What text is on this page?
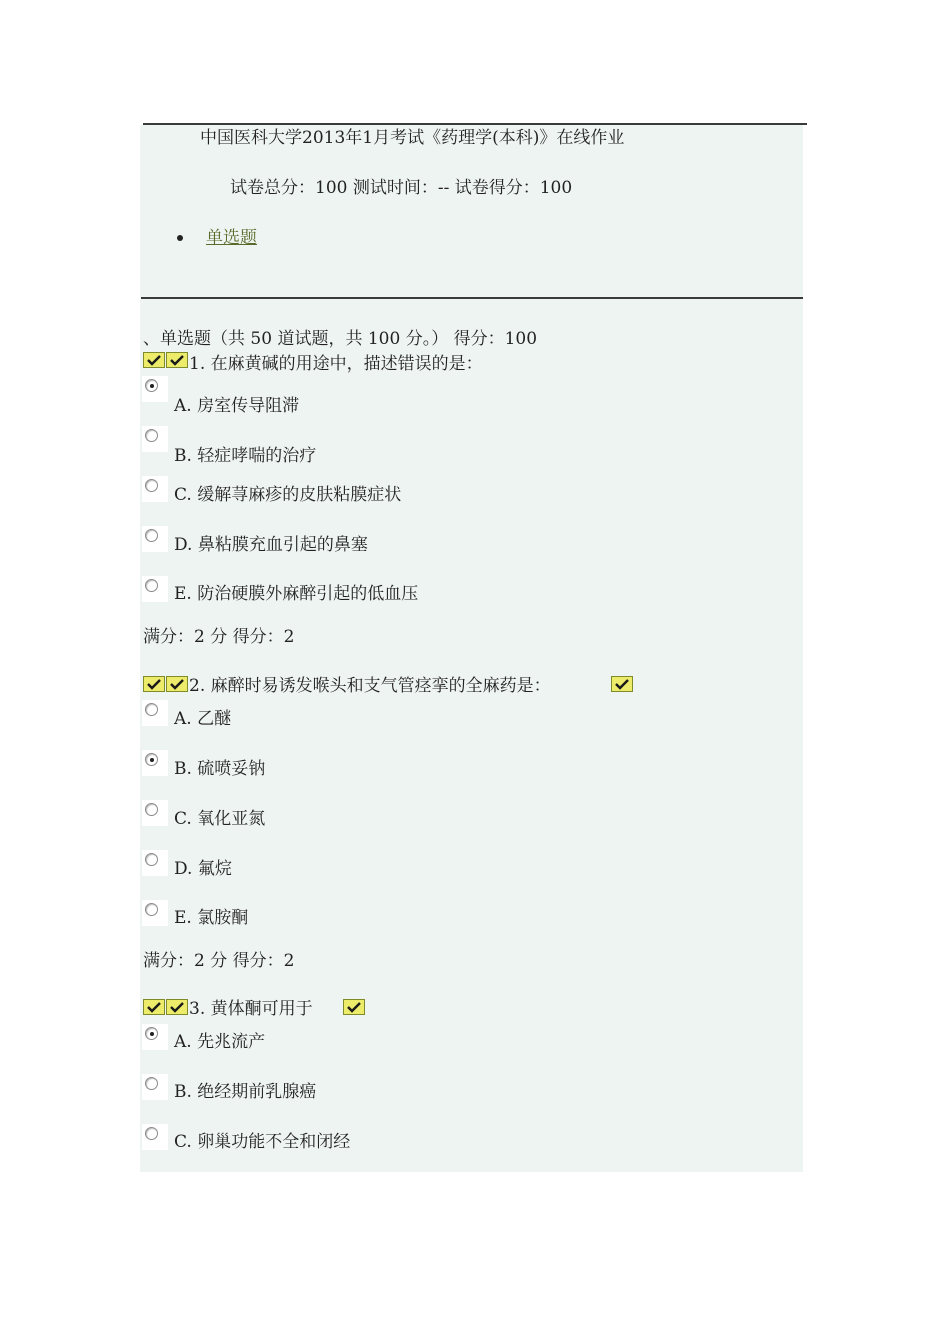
中国医科大学2013年1月考试《药理学(本科)》在线作业
试卷总分：100 测试时间：-- 试卷得分：100
单选题
、单选题（共 50 道试题，共 100 分。） 得分：100
1. 在麻黄碱的用途中，描述错误的是：
A. 房室传导阻滞
B. 轻症哮喘的治疗
C. 缓解荨麻疹的皮肤粘膜症状
D. 鼻粘膜充血引起的鼻塞
E. 防治硬膜外麻醉引起的低血压
满分：2 分 得分：2
2. 麻醉时易诱发喉头和支气管痉挛的全麻药是：
A. 乙醚
B. 硫喷妥钠
C. 氧化亚氮
D. 氟烷
E. 氯胺酮
满分：2 分 得分：2
3. 黄体酮可用于
A. 先兆流产
B. 绝经期前乳腺癌
C. 卵巢功能不全和闭经
